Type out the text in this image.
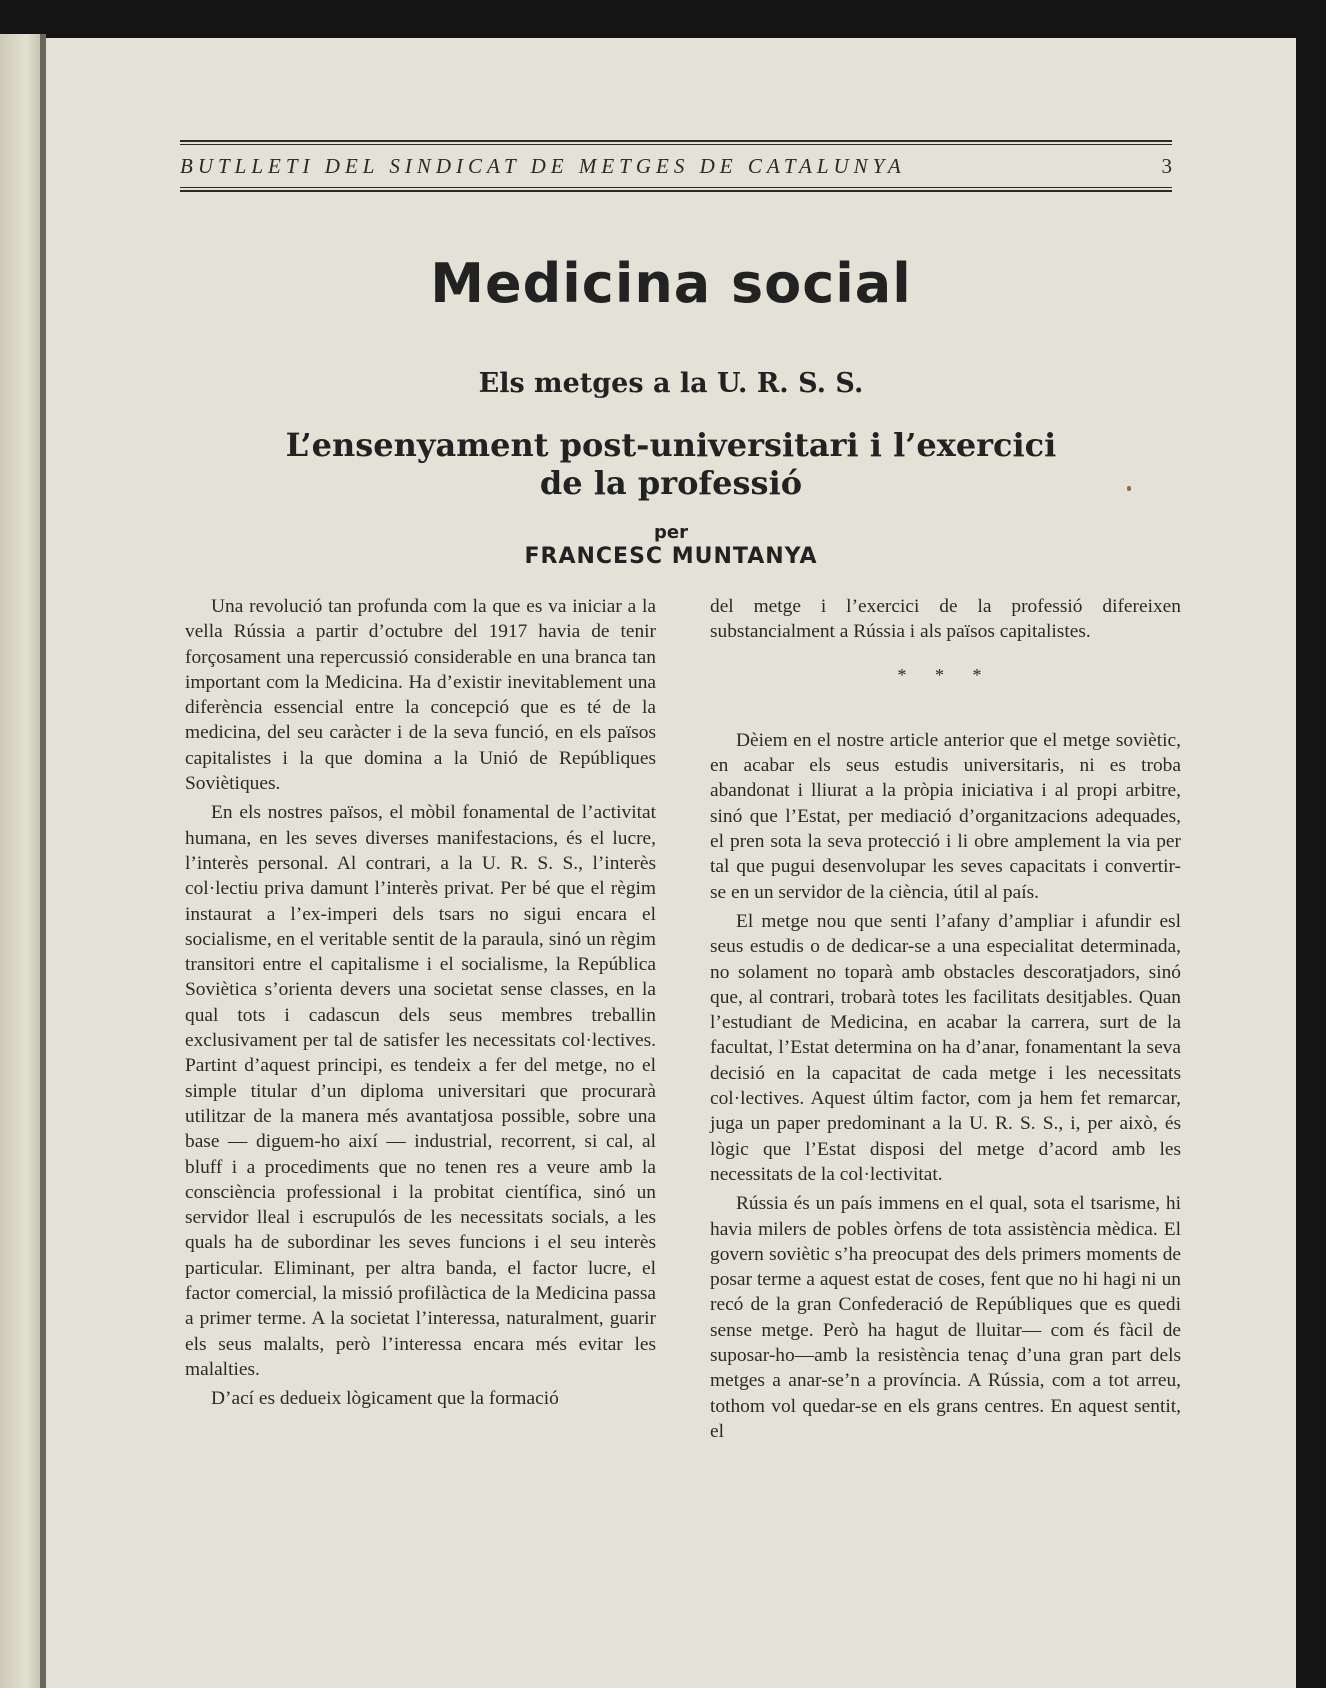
BUTLLETI DEL SINDICAT DE METGES DE CATALUNYA	3
Medicina social
Els metges a la U. R. S. S.
L’ensenyament post-universitari i l’exercici
de la professió
per
FRANCESC MUNTANYA

Una revolució tan profunda com la que es va iniciar a la vella Rússia a partir d’octubre del 1917 havia de tenir forçosament una repercussió considerable en una branca tan important com la Medicina. Ha d’existir inevitablement una diferència essencial entre la concepció que es té de la medicina, del seu caràcter i de la seva funció, en els països capitalistes i la que domina a la Unió de Repúbliques Soviètiques.

En els nostres països, el mòbil fonamental de l’activitat humana, en les seves diverses manifestacions, és el lucre, l’interès personal. Al contrari, a la U. R. S. S., l’interès col·lectiu priva damunt l’interès privat. Per bé que el règim instaurat a l’ex-imperi dels tsars no sigui encara el socialisme, en el veritable sentit de la paraula, sinó un règim transitori entre el capitalisme i el socialisme, la República Soviètica s’orienta devers una societat sense classes, en la qual tots i cadascun dels seus membres treballin exclusivament per tal de satisfer les necessitats col·lectives. Partint d’aquest principi, es tendeix a fer del metge, no el simple titular d’un diploma universitari que procurarà utilitzar de la manera més avantatjosa possible, sobre una base — diguem-ho així — industrial, recorrent, si cal, al bluff i a procediments que no tenen res a veure amb la consciència professional i la probitat científica, sinó un servidor lleal i escrupulós de les necessitats socials, a les quals ha de subordinar les seves funcions i el seu interès particular. Eliminant, per altra banda, el factor lucre, el factor comercial, la missió profilàctica de la Medicina passa a primer terme. A la societat l’interessa, naturalment, guarir els seus malalts, però l’interessa encara més evitar les malalties.

D’ací es dedueix lògicament que la formació

del metge i l’exercici de la professió difereixen substancialment a Rússia i als països capitalistes.

* * *

Dèiem en el nostre article anterior que el metge soviètic, en acabar els seus estudis universitaris, ni es troba abandonat i lliurat a la pròpia iniciativa i al propi arbitre, sinó que l’Estat, per mediació d’organitzacions adequades, el pren sota la seva protecció i li obre amplement la via per tal que pugui desenvolupar les seves capacitats i convertir-se en un servidor de la ciència, útil al país.

El metge nou que senti l’afany d’ampliar i afundir esl seus estudis o de dedicar-se a una especialitat determinada, no solament no toparà amb obstacles descoratjadors, sinó que, al contrari, trobarà totes les facilitats desitjables. Quan l’estudiant de Medicina, en acabar la carrera, surt de la facultat, l’Estat determina on ha d’anar, fonamentant la seva decisió en la capacitat de cada metge i les necessitats col·lectives. Aquest últim factor, com ja hem fet remarcar, juga un paper predominant a la U. R. S. S., i, per això, és lògic que l’Estat disposi del metge d’acord amb les necessitats de la col·lectivitat.

Rússia és un país immens en el qual, sota el tsarisme, hi havia milers de pobles òrfens de tota assistència mèdica. El govern soviètic s’ha preocupat des dels primers moments de posar terme a aquest estat de coses, fent que no hi hagi ni un recó de la gran Confederació de Repúbliques que es quedi sense metge. Però ha hagut de lluitar— com és fàcil de suposar-ho—amb la resistència tenaç d’una gran part dels metges a anar-se’n a província. A Rússia, com a tot arreu, tothom vol quedar-se en els grans centres. En aquest sentit, el
